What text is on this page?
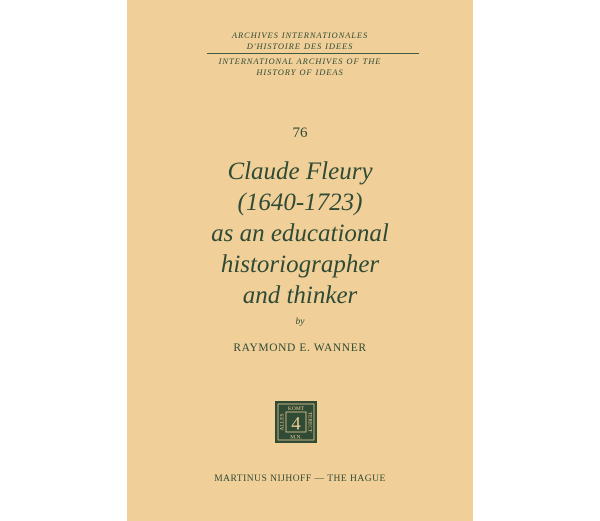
ARCHIVES INTERNATIONALES
D'HISTOIRE DES IDEES
INTERNATIONAL ARCHIVES OF THE
HISTORY OF IDEAS
76
Claude Fleury
(1640-1723)
as an educational
historiographer
and thinker
by
RAYMOND E. WANNER
KOMT
M.N.
ALLES	TERECT
4
MARTINUS NIJHOFF — THE HAGUE
